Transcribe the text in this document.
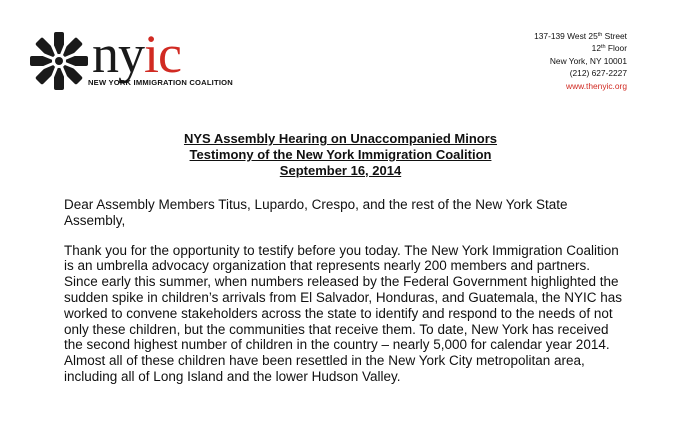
nyic
NEW YORK IMMIGRATION COALITION
137-139 West 25th Street
12th Floor
New York, NY 10001
(212) 627-2227
www.thenyic.org
NYS Assembly Hearing on Unaccompanied Minors
Testimony of the New York Immigration Coalition
September 16, 2014

Dear Assembly Members Titus, Lupardo, Crespo, and the rest of the New York State Assembly,

Thank you for the opportunity to testify before you today. The New York Immigration Coalition is an umbrella advocacy organization that represents nearly 200 members and partners. Since early this summer, when numbers released by the Federal Government highlighted the sudden spike in children’s arrivals from El Salvador, Honduras, and Guatemala, the NYIC has worked to convene stakeholders across the state to identify and respond to the needs of not only these children, but the communities that receive them. To date, New York has received the second highest number of children in the country – nearly 5,000 for calendar year 2014. Almost all of these children have been resettled in the New York City metropolitan area, including all of Long Island and the lower Hudson Valley.
